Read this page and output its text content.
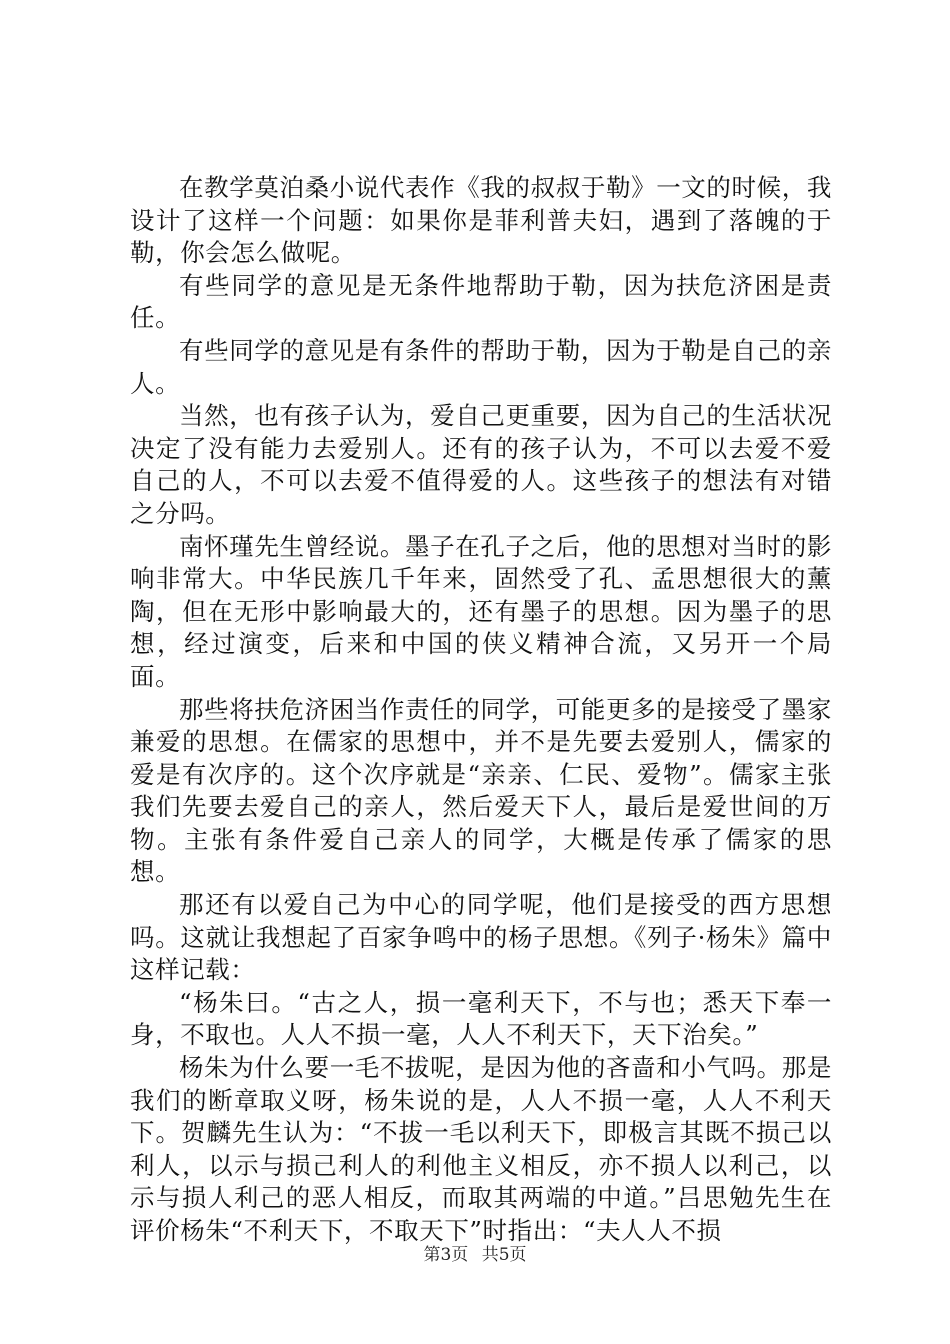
在教学莫泊桑小说代表作《我的叔叔于勒》一文的时候，我设计了这样一个问题：如果你是菲利普夫妇，遇到了落魄的于勒，你会怎么做呢。

有些同学的意见是无条件地帮助于勒，因为扶危济困是责任。

有些同学的意见是有条件的帮助于勒，因为于勒是自己的亲人。

当然，也有孩子认为，爱自己更重要，因为自己的生活状况决定了没有能力去爱别人。还有的孩子认为，不可以去爱不爱自己的人，不可以去爱不值得爱的人。这些孩子的想法有对错之分吗。

南怀瑾先生曾经说。墨子在孔子之后，他的思想对当时的影响非常大。中华民族几千年来，固然受了孔、孟思想很大的薰陶，但在无形中影响最大的，还有墨子的思想。因为墨子的思想，经过演变，后来和中国的侠义精神合流，又另开一个局面。

那些将扶危济困当作责任的同学，可能更多的是接受了墨家兼爱的思想。在儒家的思想中，并不是先要去爱别人，儒家的爱是有次序的。这个次序就是“亲亲、仁民、爱物”。儒家主张我们先要去爱自己的亲人，然后爱天下人，最后是爱世间的万物。主张有条件爱自己亲人的同学，大概是传承了儒家的思想。

那还有以爱自己为中心的同学呢，他们是接受的西方思想吗。这就让我想起了百家争鸣中的杨子思想。《列子·杨朱》篇中这样记载：

“杨朱曰。“古之人，损一毫利天下，不与也；悉天下奉一身，不取也。人人不损一毫，人人不利天下，天下治矣。”

杨朱为什么要一毛不拔呢，是因为他的吝啬和小气吗。那是我们的断章取义呀，杨朱说的是，人人不损一毫，人人不利天下。贺麟先生认为：“不拔一毛以利天下，即极言其既不损己以利人，以示与损己利人的利他主义相反，亦不损人以利己，以示与损人利己的恶人相反，而取其两端的中道。”吕思勉先生在评价杨朱“不利天下，不取天下”时指出：“夫人人不损

第3页 共5页
